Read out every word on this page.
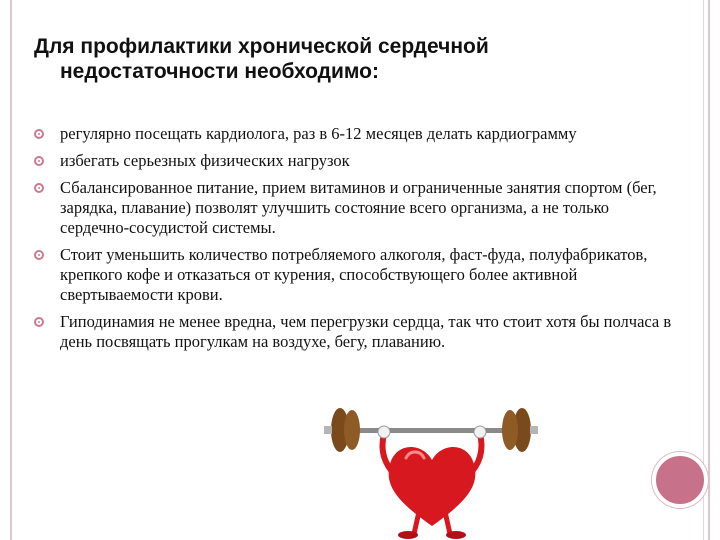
Для профилактики хронической сердечной
недостаточности необходимо:
регулярно посещать кардиолога, раз в 6-12 месяцев делать кардиограмму
избегать серьезных физических нагрузок
Сбалансированное питание, прием витаминов и ограниченные занятия спортом (бег, зарядка, плавание) позволят улучшить состояние всего организма, а не только сердечно-сосудистой системы.
Стоит уменьшить количество потребляемого алкоголя, фаст-фуда, полуфабрикатов, крепкого кофе и отказаться от курения, способствующего более активной свертываемости крови.
Гиподинамия не менее вредна, чем перегрузки сердца, так что стоит хотя бы полчаса в день посвящать прогулкам на воздухе, бегу, плаванию.
